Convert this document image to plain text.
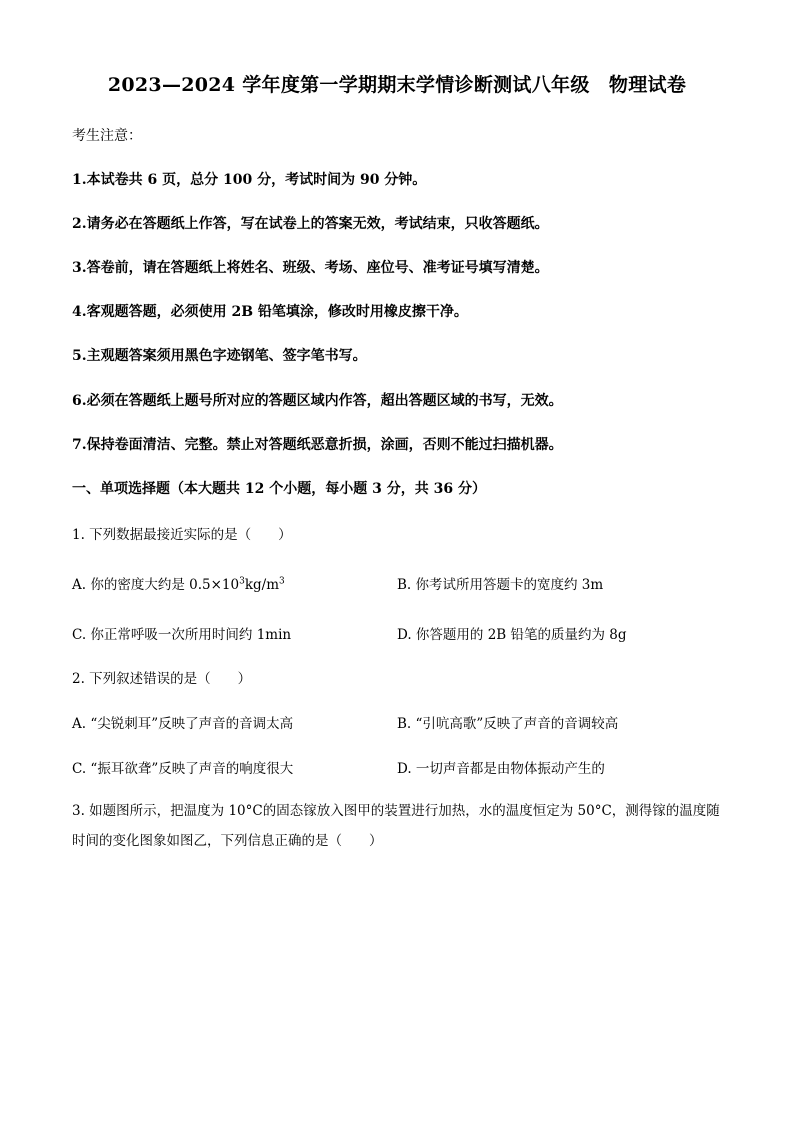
2023—2024 学年度第一学期期末学情诊断测试八年级　物理试卷
考生注意：
1.本试卷共 6 页，总分 100 分，考试时间为 90 分钟。
2.请务必在答题纸上作答，写在试卷上的答案无效，考试结束，只收答题纸。
3.答卷前，请在答题纸上将姓名、班级、考场、座位号、准考证号填写清楚。
4.客观题答题，必须使用 2B 铅笔填涂，修改时用橡皮擦干净。
5.主观题答案须用黑色字迹钢笔、签字笔书写。
6.必须在答题纸上题号所对应的答题区域内作答，超出答题区域的书写，无效。
7.保持卷面清洁、完整。禁止对答题纸恶意折损，涂画，否则不能过扫描机器。
一、单项选择题（本大题共 12 个小题，每小题 3 分，共 36 分）
1. 下列数据最接近实际的是（　　）
A. 你的密度大约是 $0.5\times 10^3kg/m^3$	B. 你考试所用答题卡的宽度约 3m
C. 你正常呼吸一次所用时间约 1min	D. 你答题用的 2B 铅笔的质量约为 8g
2. 下列叙述错误的是（　　）
A. “尖锐刺耳”反映了声音的音调太高	B. “引吭高歌”反映了声音的音调较高
C. “振耳欲聋”反映了声音的响度很大	D. 一切声音都是由物体振动产生的
3. 如题图所示，把温度为 10°C的固态镓放入图甲的装置进行加热，水的温度恒定为 50°C，测得镓的温度随时间的变化图象如图乙，下列信息正确的是（　　）
